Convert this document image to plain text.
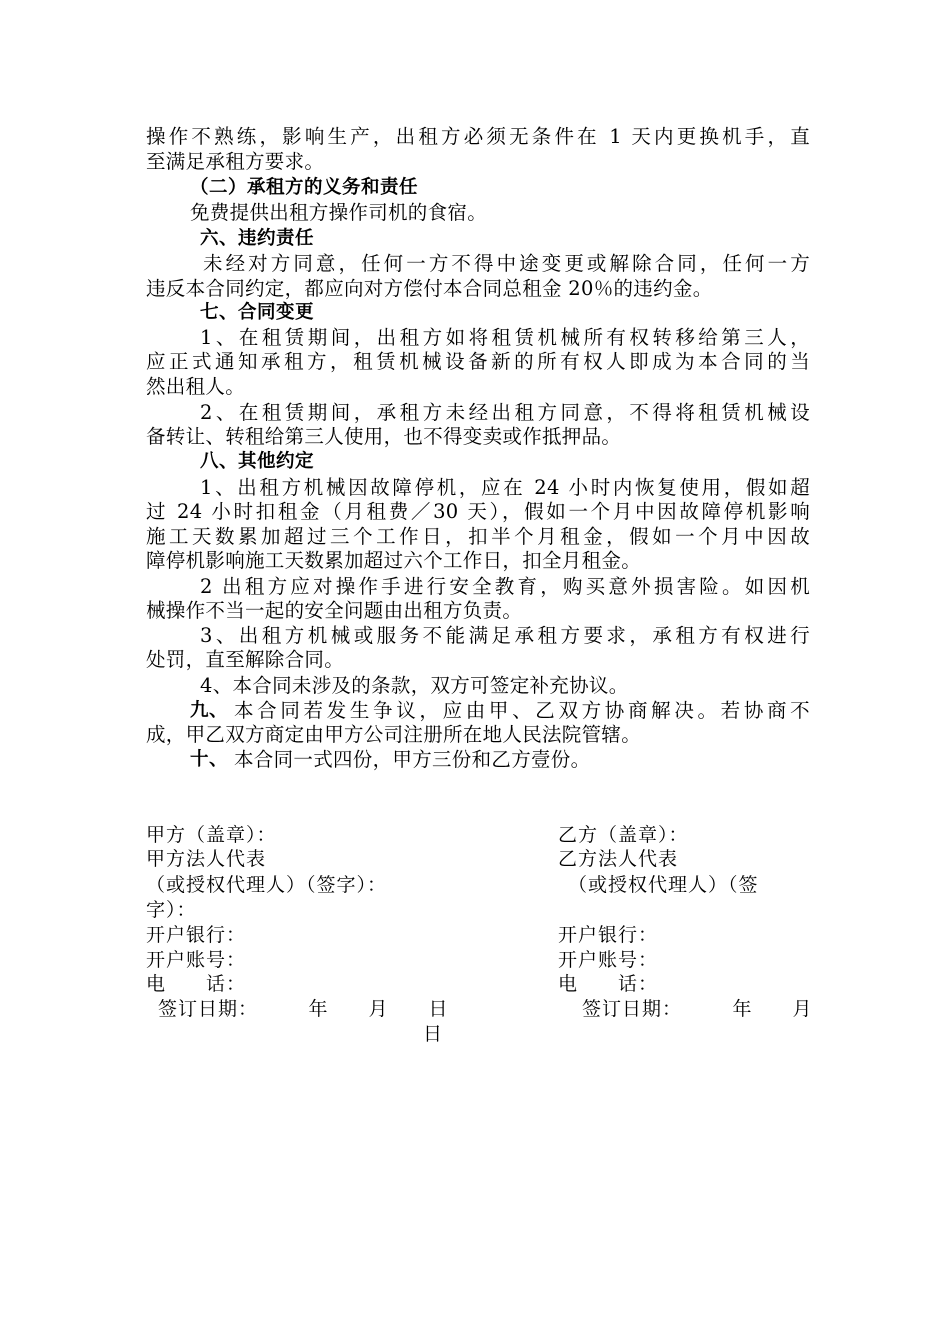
操作不熟练，影响生产，出租方必须无条件在 1 天内更换机手，直
至满足承租方要求。
（二）承租方的义务和责任
免费提供出租方操作司机的食宿。
六、违约责任
未经对方同意，任何一方不得中途变更或解除合同，任何一方
违反本合同约定，都应向对方偿付本合同总租金 20％的违约金。
七、合同变更
1、在租赁期间，出租方如将租赁机械所有权转移给第三人，
应正式通知承租方，租赁机械设备新的所有权人即成为本合同的当
然出租人。
2、在租赁期间，承租方未经出租方同意，不得将租赁机械设
备转让、转租给第三人使用，也不得变卖或作抵押品。
八、其他约定
1、出租方机械因故障停机，应在 24 小时内恢复使用，假如超
过 24 小时扣租金（月租费／30 天），假如一个月中因故障停机影响
施工天数累加超过三个工作日，扣半个月租金，假如一个月中因故
障停机影响施工天数累加超过六个工作日，扣全月租金。
2 出租方应对操作手进行安全教育，购买意外损害险。如因机
械操作不当一起的安全问题由出租方负责。
3、出租方机械或服务不能满足承租方要求，承租方有权进行
处罚，直至解除合同。
4、本合同未涉及的条款，双方可签定补充协议。
九、 本合同若发生争议，应由甲、乙双方协商解决。若协商不
成，甲乙双方商定由甲方公司注册所在地人民法院管辖。
十、 本合同一式四份，甲方三份和乙方壹份。
甲方（盖章）：
甲方法人代表
（或授权代理人）（签字）：
字）：
开户银行：
开户账号：
电　　话：
签订日期：　　　年　　月　　日
乙方（盖章）：
乙方法人代表
（或授权代理人）（签
开户银行：
开户账号：
电　　话：
签订日期：　　　年　　月
日
